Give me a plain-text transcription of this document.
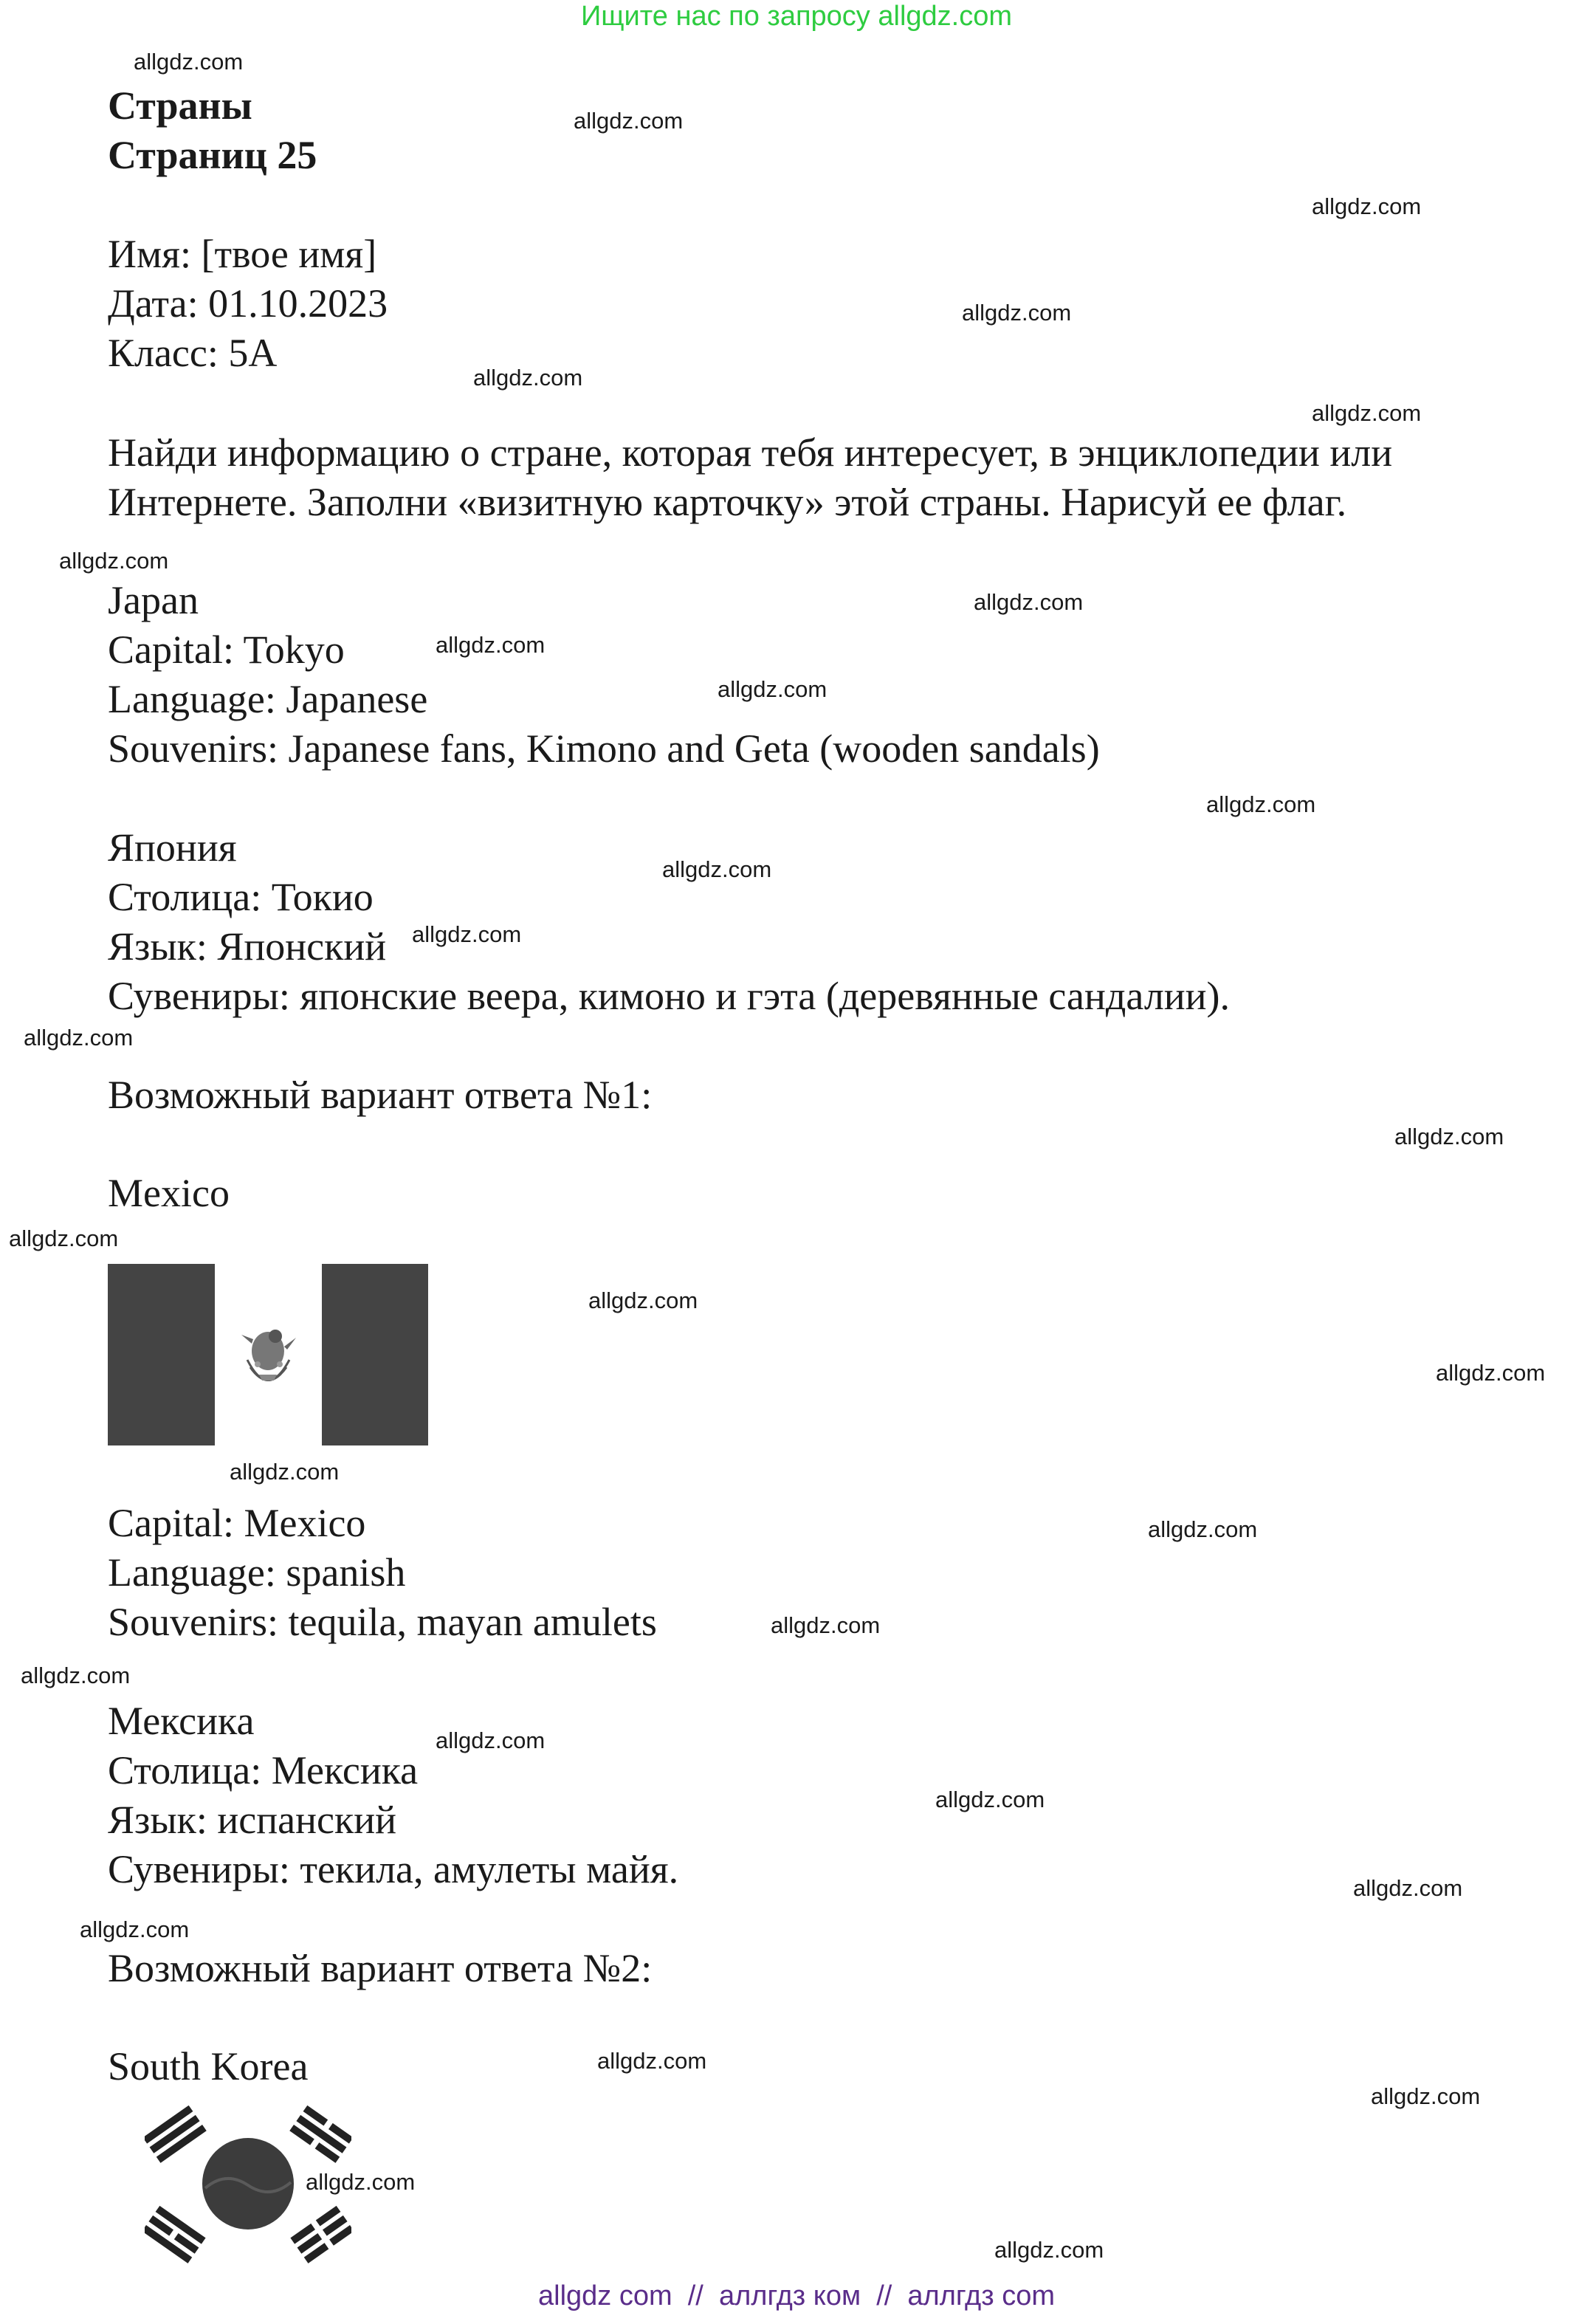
Ищите нас по запросу allgdz.com
Страны
Страниц 25
Имя: [твое имя]
Дата: 01.10.2023
Класс: 5А
Найди информацию о стране, которая тебя интересует, в энциклопедии или
Интернете. Заполни «визитную карточку» этой страны. Нарисуй ее флаг.
Japan
Capital: Tokyo
Language: Japanese
Souvenirs: Japanese fans, Kimono and Geta (wooden sandals)
Япония
Столица: Токио
Язык: Японский
Сувениры: японские веера, кимоно и гэта (деревянные сандалии).
Возможный вариант ответа №1:
Mexico
Capital: Mexico
Language: spanish
Souvenirs: tequila, mayan amulets
Мексика
Столица: Мексика
Язык: испанский
Сувениры: текила, амулеты майя.
Возможный вариант ответа №2:
South Korea
allgdz.com
allgdz.com
allgdz.com
allgdz.com
allgdz.com
allgdz.com
allgdz.com
allgdz.com
allgdz.com
allgdz.com
allgdz.com
allgdz.com
allgdz.com
allgdz.com
allgdz.com
allgdz.com
allgdz.com
allgdz.com
allgdz.com
allgdz.com
allgdz.com
allgdz.com
allgdz.com
allgdz.com
allgdz.com
allgdz.com
allgdz.com
allgdz.com
allgdz.com
allgdz.com
allgdz com  //  аллгдз ком  //  аллгдз com
